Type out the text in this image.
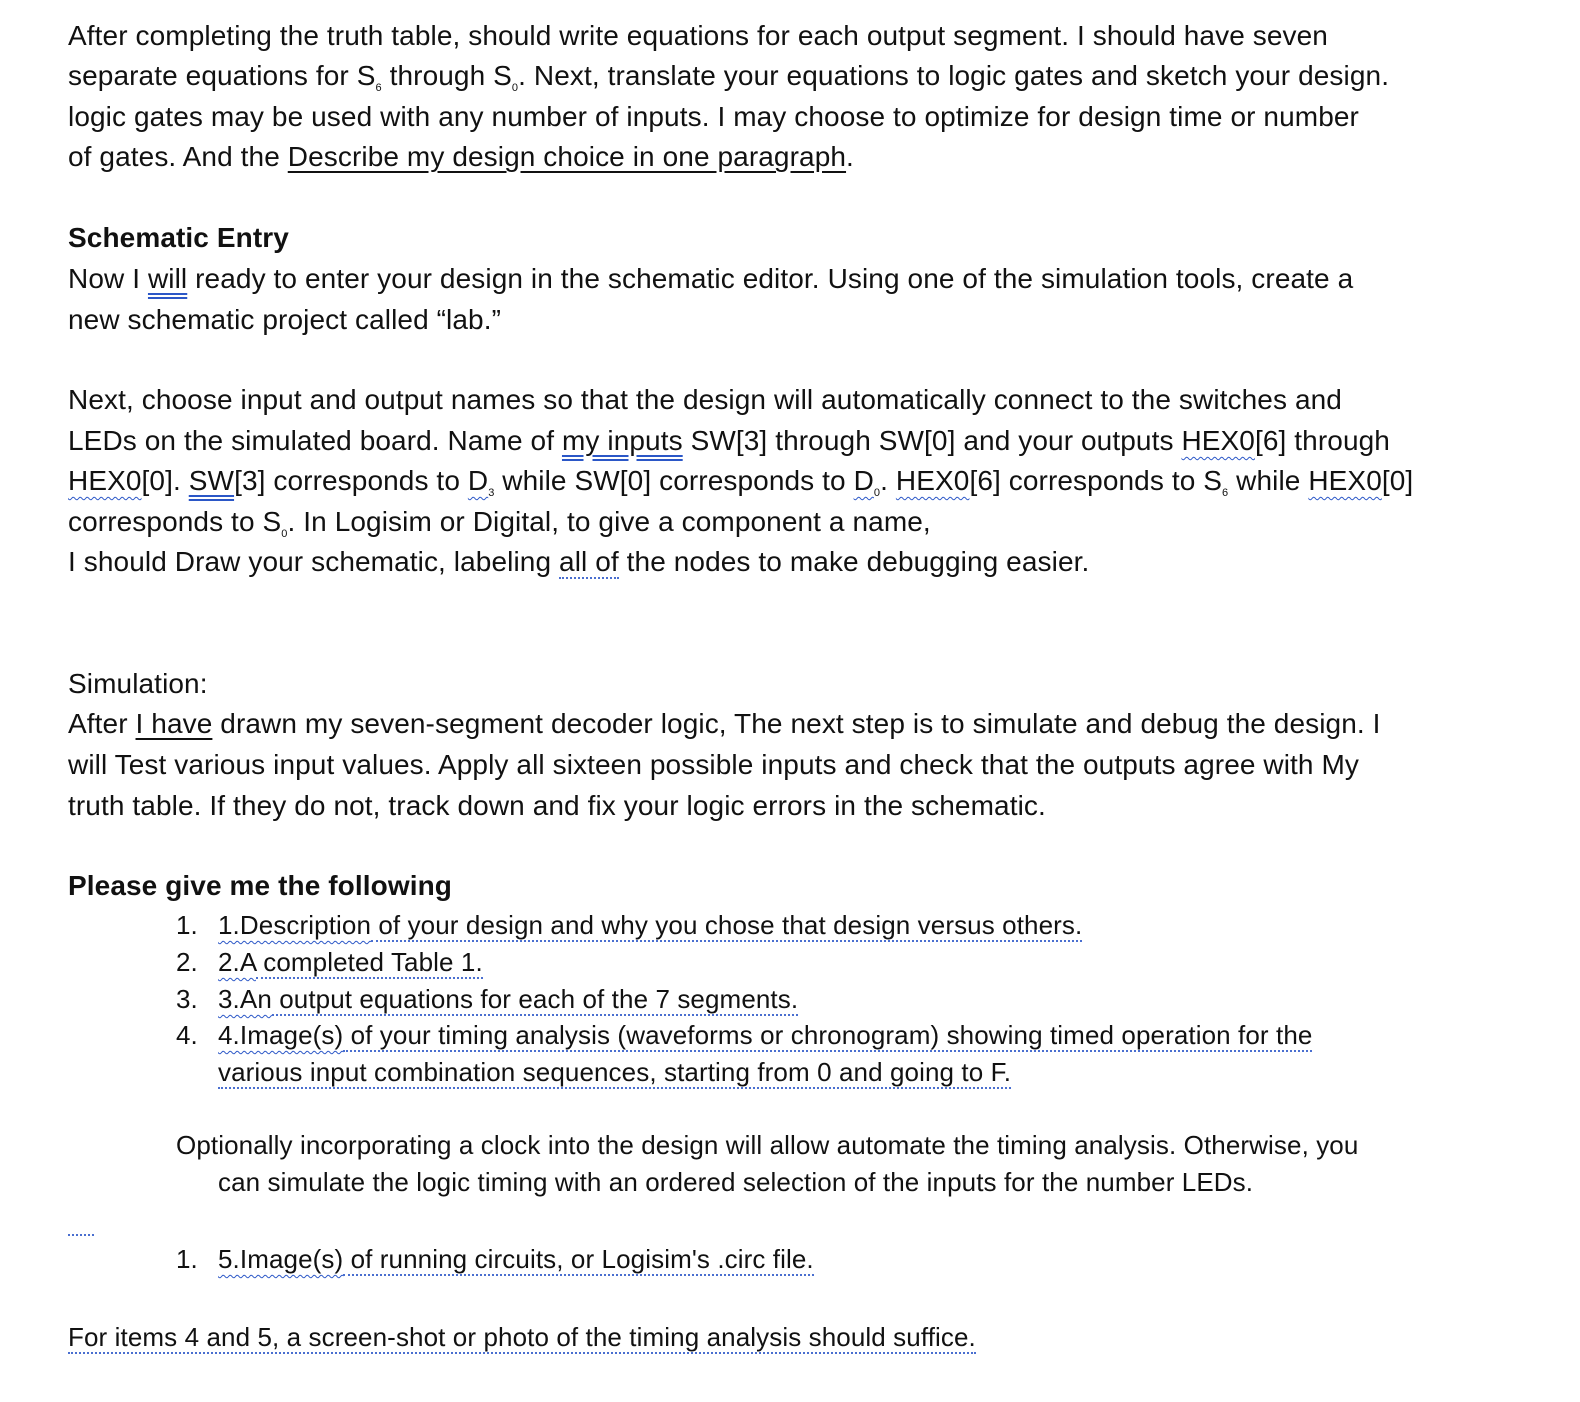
After completing the truth table, should write equations for each output segment. I should have seven
separate equations for $S_6$ through $S_0$. Next, translate your equations to logic gates and sketch your design.
logic gates may be used with any number of inputs. I may choose to optimize for design time or number
of gates. And the Describe my design choice in one paragraph.
Schematic Entry
Now I will ready to enter your design in the schematic editor. Using one of the simulation tools, create a
new schematic project called “lab.”
Next, choose input and output names so that the design will automatically connect to the switches and
LEDs on the simulated board. Name of my inputs SW[3] through SW[0] and your outputs HEX0[6] through
HEX0[0]. SW[3] corresponds to $D_3$ while SW[0] corresponds to $D_0$. HEX0[6] corresponds to $S_6$ while HEX0[0]
corresponds to $S_0$. In Logisim or Digital, to give a component a name,
I should Draw your schematic, labeling all of the nodes to make debugging easier.
Simulation:
After I have drawn my seven-segment decoder logic, The next step is to simulate and debug the design. I
will Test various input values. Apply all sixteen possible inputs and check that the outputs agree with My
truth table. If they do not, track down and fix your logic errors in the schematic.
Please give me the following
1. 1.Description of your design and why you chose that design versus others.
2. 2.A completed Table 1.
3. 3.An output equations for each of the 7 segments.
4. 4.Image(s) of your timing analysis (waveforms or chronogram) showing timed operation for the
various input combination sequences, starting from 0 and going to F.
Optionally incorporating a clock into the design will allow automate the timing analysis. Otherwise, you
can simulate the logic timing with an ordered selection of the inputs for the number LEDs.
1. 5.Image(s) of running circuits, or Logisim's .circ file.
For items 4 and 5, a screen-shot or photo of the timing analysis should suffice.
